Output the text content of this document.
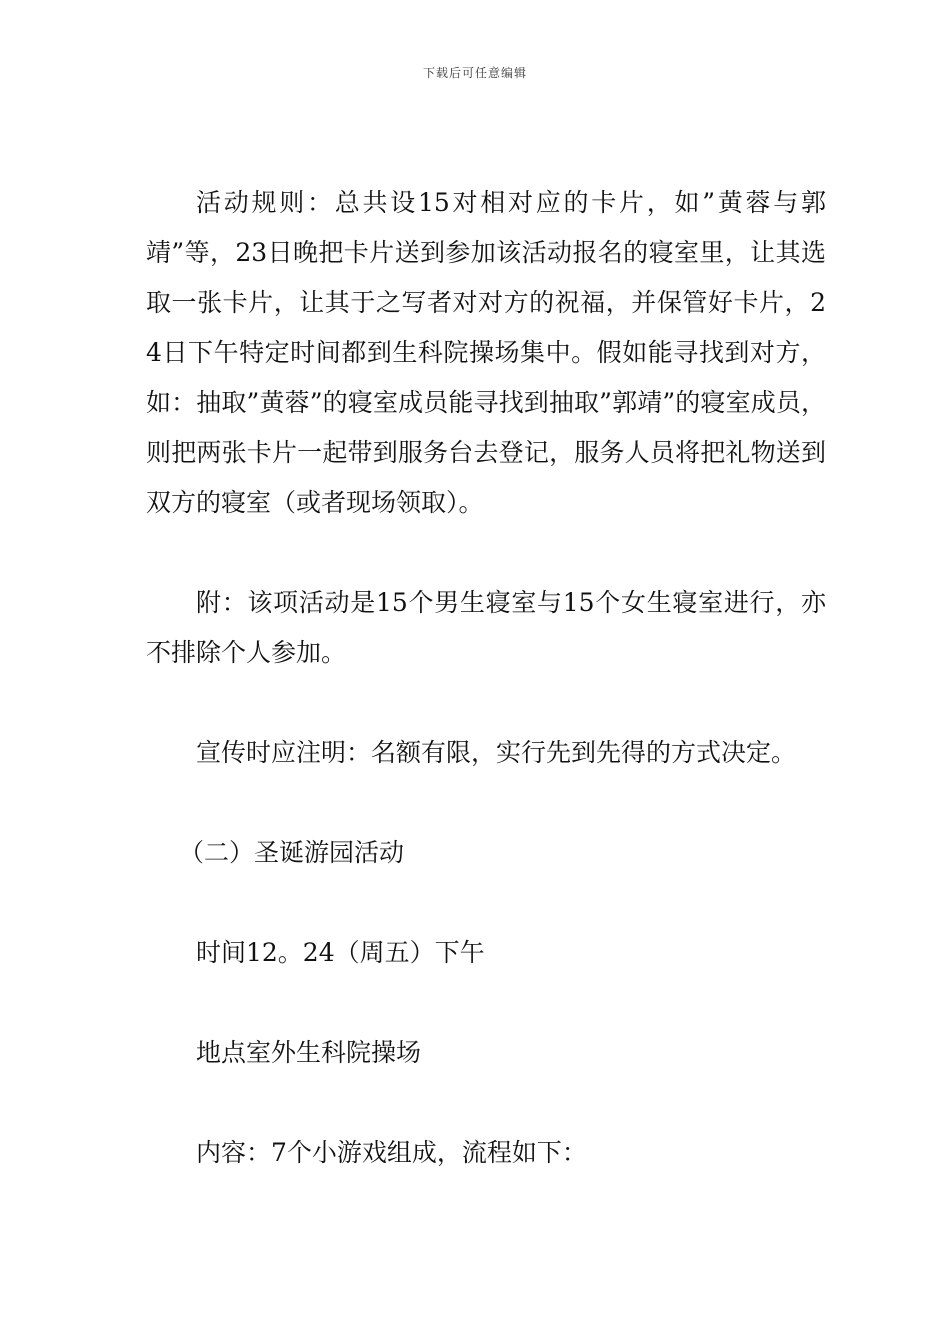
下载后可任意编辑

活动规则：总共设15对相对应的卡片，如”黄蓉与郭靖”等，23日晚把卡片送到参加该活动报名的寝室里，让其选取一张卡片，让其于之写者对对方的祝福，并保管好卡片，24日下午特定时间都到生科院操场集中。假如能寻找到对方，如：抽取”黄蓉”的寝室成员能寻找到抽取”郭靖”的寝室成员，则把两张卡片一起带到服务台去登记，服务人员将把礼物送到双方的寝室（或者现场领取）。

附：该项活动是15个男生寝室与15个女生寝室进行，亦不排除个人参加。

宣传时应注明：名额有限，实行先到先得的方式决定。

（二）圣诞游园活动

时间12。24（周五）下午

地点室外生科院操场

内容：7个小游戏组成，流程如下：
